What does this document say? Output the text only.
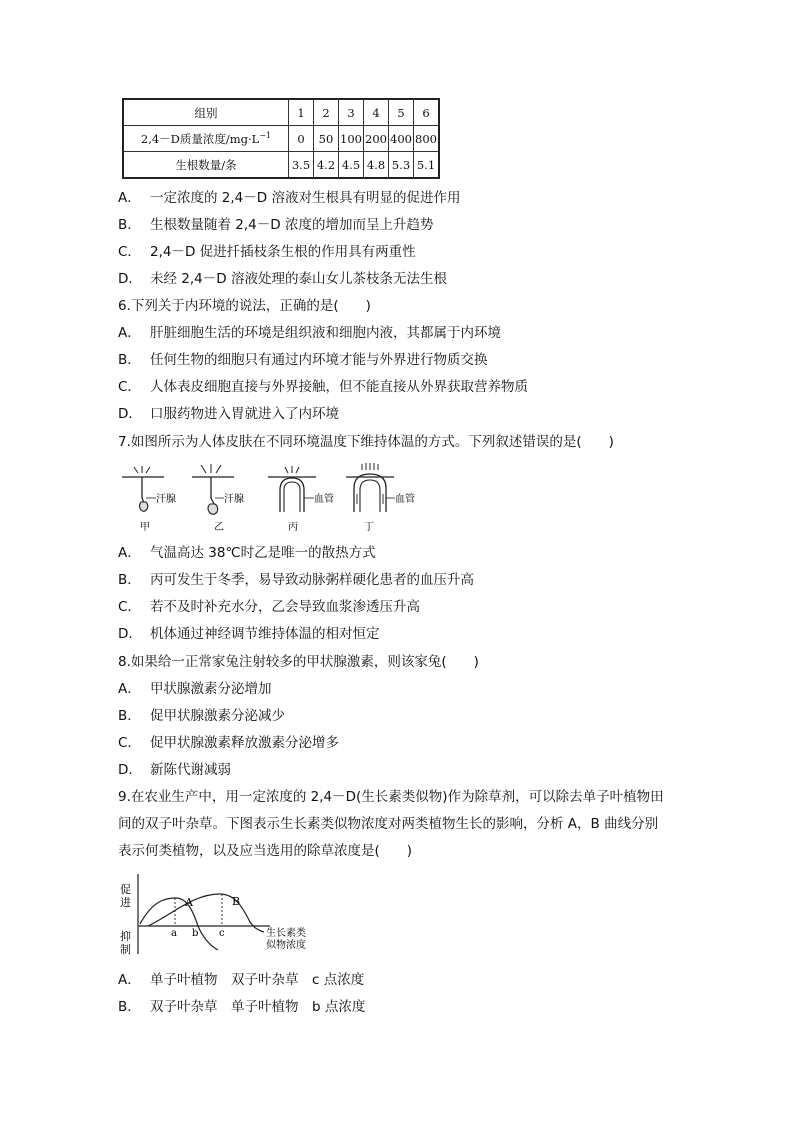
组别	1	2	3	4	5	6
2,4－D质量浓度$/mg\cdot L^{-1}$	0	50	100	200	400	800
生根数量/条	3.5	4.2	4.5	4.8	5.3	5.1
A． 一定浓度的 2,4－D 溶液对生根具有明显的促进作用
B． 生根数量随着 2,4－D 浓度的增加而呈上升趋势
C． 2,4－D 促进扦插枝条生根的作用具有两重性
D． 未经 2,4－D 溶液处理的泰山女儿茶枝条无法生根
6.下列关于内环境的说法，正确的是(　　)
A． 肝脏细胞生活的环境是组织液和细胞内液，其都属于内环境
B． 任何生物的细胞只有通过内环境才能与外界进行物质交换
C． 人体表皮细胞直接与外界接触，但不能直接从外界获取营养物质
D． 口服药物进入胃就进入了内环境
7.如图所示为人体皮肤在不同环境温度下维持体温的方式。下列叙述错误的是(　　)
汗腺
甲
汗腺
乙
血管
丙
血管
丁
A． 气温高达 38℃时乙是唯一的散热方式
B． 丙可发生于冬季，易导致动脉粥样硬化患者的血压升高
C． 若不及时补充水分，乙会导致血浆渗透压升高
D． 机体通过神经调节维持体温的相对恒定
8.如果给一正常家兔注射较多的甲状腺激素，则该家兔(　　)
A． 甲状腺激素分泌增加
B． 促甲状腺激素分泌减少
C． 促甲状腺激素释放激素分泌增多
D． 新陈代谢减弱
9.在农业生产中，用一定浓度的 2,4－D(生长素类似物)作为除草剂，可以除去单子叶植物田
间的双子叶杂草。下图表示生长素类似物浓度对两类植物生长的影响，分析 A，B 曲线分别
表示何类植物，以及应当选用的除草浓度是(　　)
促
进
抑
制
A	B
a b c	生长素类
似物浓度
A． 单子叶植物　双子叶杂草　c 点浓度
B． 双子叶杂草　单子叶植物　b 点浓度
